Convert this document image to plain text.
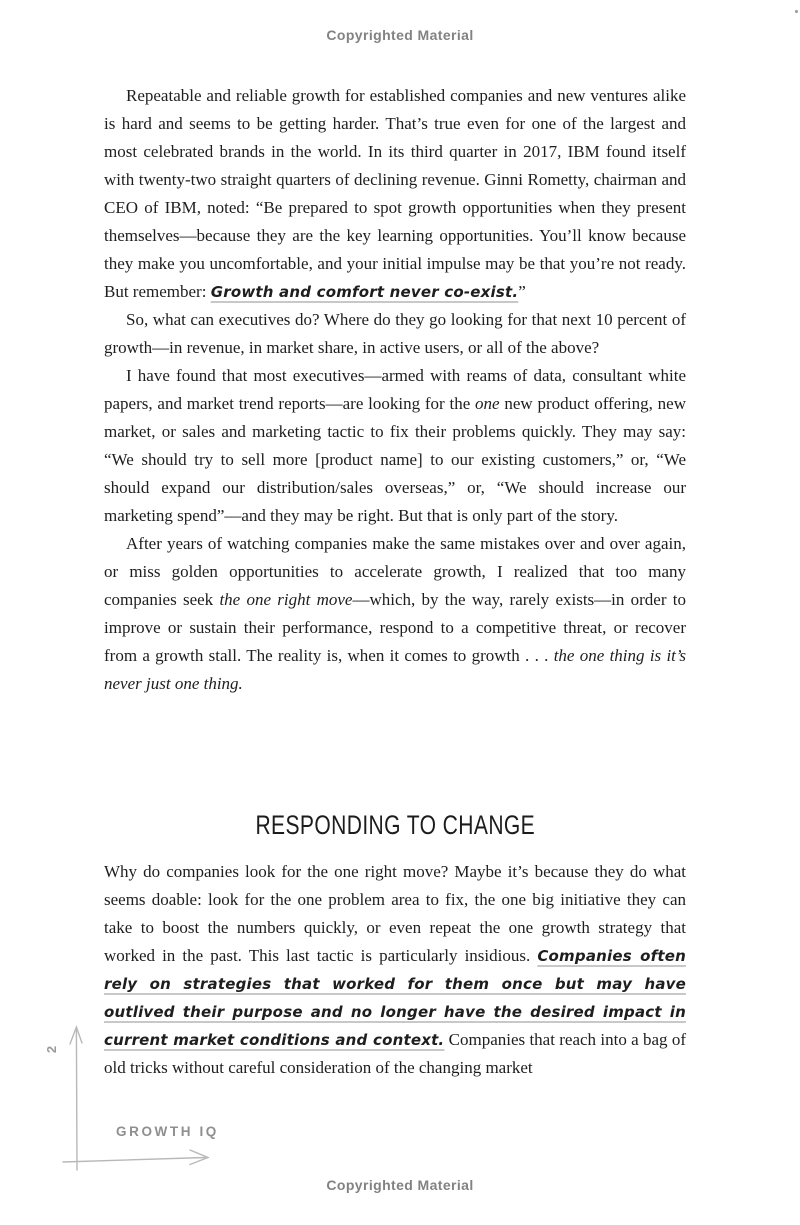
Copyrighted Material

Repeatable and reliable growth for established companies and new ventures alike is hard and seems to be getting harder. That’s true even for one of the largest and most celebrated brands in the world. In its third quarter in 2017, IBM found itself with twenty-two straight quarters of declining revenue. Ginni Rometty, chairman and CEO of IBM, noted: “Be prepared to spot growth opportunities when they present themselves—because they are the key learning opportunities. You’ll know because they make you uncomfortable, and your initial impulse may be that you’re not ready. But remember: Growth and comfort never co-exist.”

So, what can executives do? Where do they go looking for that next 10 percent of growth—in revenue, in market share, in active users, or all of the above?

I have found that most executives—armed with reams of data, consultant white papers, and market trend reports—are looking for the one new product offering, new market, or sales and marketing tactic to fix their problems quickly. They may say: “We should try to sell more [product name] to our existing customers,” or, “We should expand our distribution/sales overseas,” or, “We should increase our marketing spend”—and they may be right. But that is only part of the story.

After years of watching companies make the same mistakes over and over again, or miss golden opportunities to accelerate growth, I realized that too many companies seek the one right move—which, by the way, rarely exists—in order to improve or sustain their performance, respond to a competitive threat, or recover from a growth stall. The reality is, when it comes to growth . . . the one thing is it’s never just one thing.

RESPONDING TO CHANGE

Why do companies look for the one right move? Maybe it’s because they do what seems doable: look for the one problem area to fix, the one big initiative they can take to boost the numbers quickly, or even repeat the one growth strategy that worked in the past. This last tactic is particularly insidious. Companies often rely on strategies that worked for them once but may have outlived their purpose and no longer have the desired impact in current market conditions and context. Companies that reach into a bag of old tricks without careful consideration of the changing market

2
GROWTH IQ
Copyrighted Material
